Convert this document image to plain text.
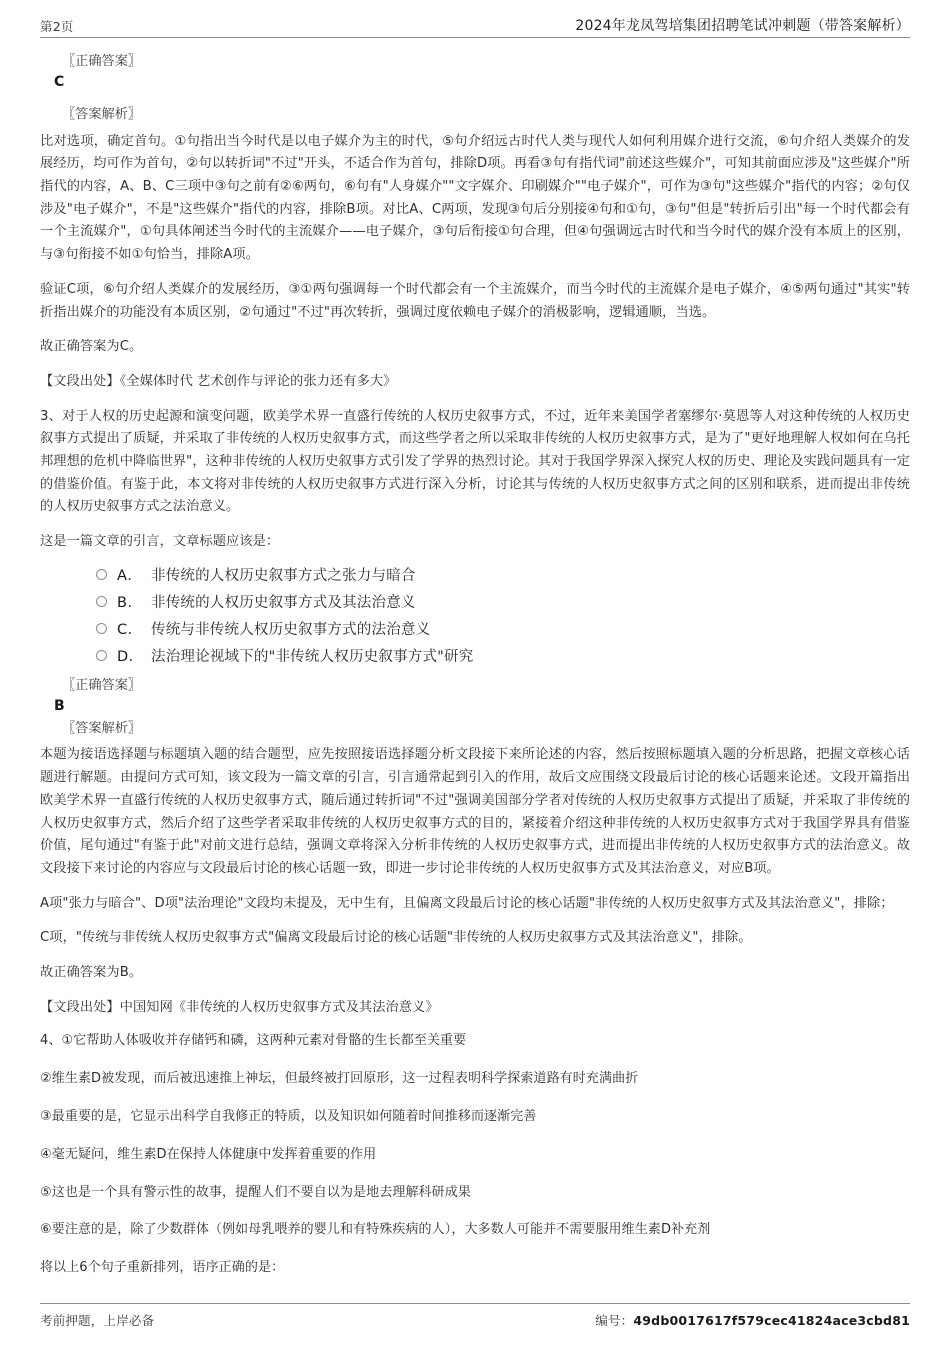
第2页	2024年龙凤驾培集团招聘笔试冲刺题（带答案解析）
〖正确答案〗
C
〖答案解析〗

比对选项，确定首句。①句指出当今时代是以电子媒介为主的时代，⑤句介绍远古时代人类与现代人如何利用媒介进行交流，⑥句介绍人类媒介的发展经历，均可作为首句，②句以转折词"不过"开头，不适合作为首句，排除D项。再看③句有指代词"前述这些媒介"，可知其前面应涉及"这些媒介"所指代的内容，A、B、C三项中③句之前有②⑥两句，⑥句有"人身媒介""文字媒介、印刷媒介""电子媒介"，可作为③句"这些媒介"指代的内容；②句仅涉及"电子媒介"，不是"这些媒介"指代的内容，排除B项。对比A、C两项，发现③句后分别接④句和①句，③句"但是"转折后引出"每一个时代都会有一个主流媒介"，①句具体阐述当今时代的主流媒介——电子媒介，③句后衔接①句合理，但④句强调远古时代和当今时代的媒介没有本质上的区别，与③句衔接不如①句恰当，排除A项。

验证C项，⑥句介绍人类媒介的发展经历，③①两句强调每一个时代都会有一个主流媒介，而当今时代的主流媒介是电子媒介，④⑤两句通过"其实"转折指出媒介的功能没有本质区别，②句通过"不过"再次转折，强调过度依赖电子媒介的消极影响，逻辑通顺，当选。

故正确答案为C。

【文段出处】《全媒体时代 艺术创作与评论的张力还有多大》

3、对于人权的历史起源和演变问题，欧美学术界一直盛行传统的人权历史叙事方式，不过，近年来美国学者塞缪尔·莫恩等人对这种传统的人权历史叙事方式提出了质疑，并采取了非传统的人权历史叙事方式，而这些学者之所以采取非传统的人权历史叙事方式，是为了"更好地理解人权如何在乌托邦理想的危机中降临世界"，这种非传统的人权历史叙事方式引发了学界的热烈讨论。其对于我国学界深入探究人权的历史、理论及实践问题具有一定的借鉴价值。有鉴于此，本文将对非传统的人权历史叙事方式进行深入分析，讨论其与传统的人权历史叙事方式之间的区别和联系，进而提出非传统的人权历史叙事方式之法治意义。

这是一篇文章的引言，文章标题应该是：

A． 非传统的人权历史叙事方式之张力与暗合
B． 非传统的人权历史叙事方式及其法治意义
C． 传统与非传统人权历史叙事方式的法治意义
D． 法治理论视域下的"非传统人权历史叙事方式"研究
〖正确答案〗
B
〖答案解析〗

本题为接语选择题与标题填入题的结合题型，应先按照接语选择题分析文段接下来所论述的内容，然后按照标题填入题的分析思路，把握文章核心话题进行解题。由提问方式可知，该文段为一篇文章的引言，引言通常起到引入的作用，故后文应围绕文段最后讨论的核心话题来论述。文段开篇指出欧美学术界一直盛行传统的人权历史叙事方式，随后通过转折词"不过"强调美国部分学者对传统的人权历史叙事方式提出了质疑，并采取了非传统的人权历史叙事方式，然后介绍了这些学者采取非传统的人权历史叙事方式的目的，紧接着介绍这种非传统的人权历史叙事方式对于我国学界具有借鉴价值，尾句通过"有鉴于此"对前文进行总结，强调文章将深入分析非传统的人权历史叙事方式，进而提出非传统的人权历史叙事方式的法治意义。故文段接下来讨论的内容应与文段最后讨论的核心话题一致，即进一步讨论非传统的人权历史叙事方式及其法治意义，对应B项。

A项"张力与暗合"、D项"法治理论"文段均未提及，无中生有，且偏离文段最后讨论的核心话题"非传统的人权历史叙事方式及其法治意义"，排除；

C项，"传统与非传统人权历史叙事方式"偏离文段最后讨论的核心话题"非传统的人权历史叙事方式及其法治意义"，排除。

故正确答案为B。

【文段出处】中国知网《非传统的人权历史叙事方式及其法治意义》

4、①它帮助人体吸收并存储钙和磷，这两种元素对骨骼的生长都至关重要

②维生素D被发现，而后被迅速推上神坛，但最终被打回原形，这一过程表明科学探索道路有时充满曲折

③最重要的是，它显示出科学自我修正的特质，以及知识如何随着时间推移而逐渐完善

④毫无疑问，维生素D在保持人体健康中发挥着重要的作用

⑤这也是一个具有警示性的故事，提醒人们不要自以为是地去理解科研成果

⑥要注意的是，除了少数群体（例如母乳喂养的婴儿和有特殊疾病的人），大多数人可能并不需要服用维生素D补充剂

将以上6个句子重新排列，语序正确的是：

考前押题，上岸必备	编号：49db0017617f579cec41824ace3cbd81
